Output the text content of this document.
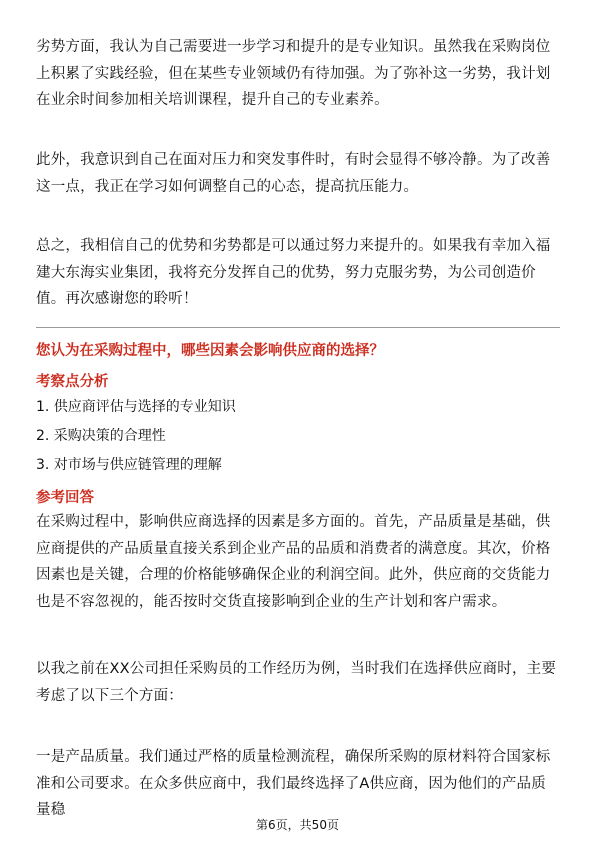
劣势方面，我认为自己需要进一步学习和提升的是专业知识。虽然我在采购岗位上积累了实践经验，但在某些专业领域仍有待加强。为了弥补这一劣势，我计划在业余时间参加相关培训课程，提升自己的专业素养。

此外，我意识到自己在面对压力和突发事件时，有时会显得不够冷静。为了改善这一点，我正在学习如何调整自己的心态，提高抗压能力。

总之，我相信自己的优势和劣势都是可以通过努力来提升的。如果我有幸加入福建大东海实业集团，我将充分发挥自己的优势，努力克服劣势，为公司创造价值。再次感谢您的聆听！

您认为在采购过程中，哪些因素会影响供应商的选择？

考察点分析

1. 供应商评估与选择的专业知识
2. 采购决策的合理性
3. 对市场与供应链管理的理解

参考回答

在采购过程中，影响供应商选择的因素是多方面的。首先，产品质量是基础，供应商提供的产品质量直接关系到企业产品的品质和消费者的满意度。其次，价格因素也是关键，合理的价格能够确保企业的利润空间。此外，供应商的交货能力也是不容忽视的，能否按时交货直接影响到企业的生产计划和客户需求。

以我之前在XX公司担任采购员的工作经历为例，当时我们在选择供应商时，主要考虑了以下三个方面：

一是产品质量。我们通过严格的质量检测流程，确保所采购的原材料符合国家标准和公司要求。在众多供应商中，我们最终选择了A供应商，因为他们的产品质量稳

第6页，共50页
